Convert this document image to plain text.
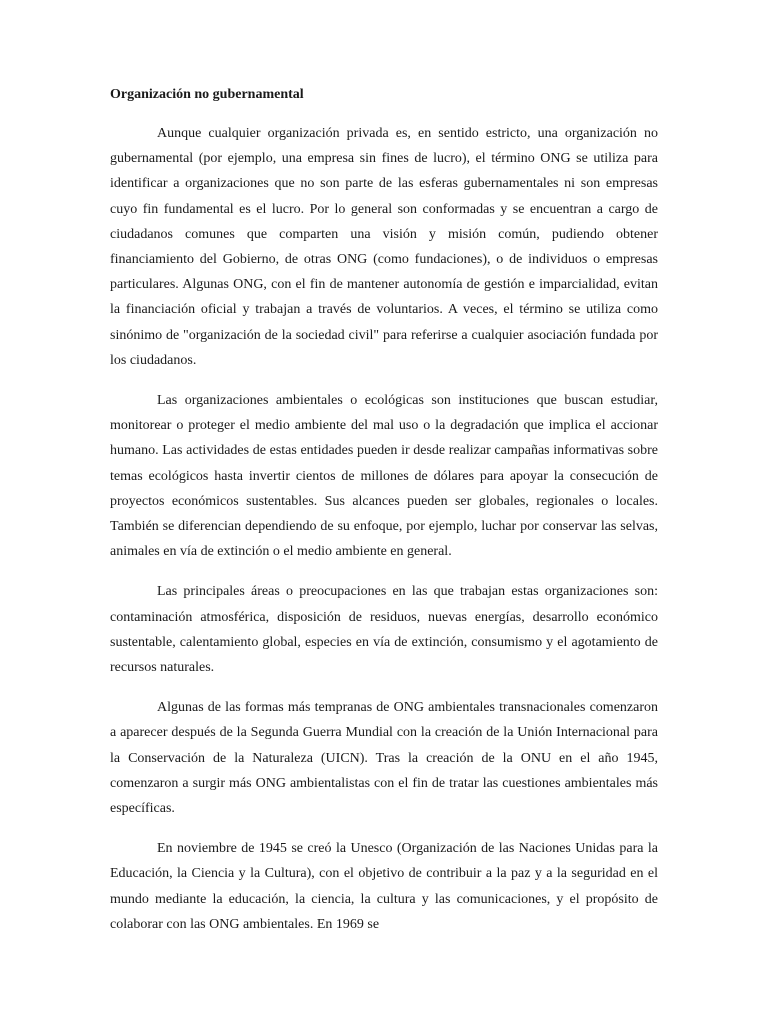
Organización no gubernamental

Aunque cualquier organización privada es, en sentido estricto, una organización no gubernamental (por ejemplo, una empresa sin fines de lucro), el término ONG se utiliza para identificar a organizaciones que no son parte de las esferas gubernamentales ni son empresas cuyo fin fundamental es el lucro. Por lo general son conformadas y se encuentran a cargo de ciudadanos comunes que comparten una visión y misión común, pudiendo obtener financiamiento del Gobierno, de otras ONG (como fundaciones), o de individuos o empresas particulares. Algunas ONG, con el fin de mantener autonomía de gestión e imparcialidad, evitan la financiación oficial y trabajan a través de voluntarios. A veces, el término se utiliza como sinónimo de "organización de la sociedad civil" para referirse a cualquier asociación fundada por los ciudadanos.

Las organizaciones ambientales o ecológicas son instituciones que buscan estudiar, monitorear o proteger el medio ambiente del mal uso o la degradación que implica el accionar humano. Las actividades de estas entidades pueden ir desde realizar campañas informativas sobre temas ecológicos hasta invertir cientos de millones de dólares para apoyar la consecución de proyectos económicos sustentables. Sus alcances pueden ser globales, regionales o locales. También se diferencian dependiendo de su enfoque, por ejemplo, luchar por conservar las selvas, animales en vía de extinción o el medio ambiente en general.

Las principales áreas o preocupaciones en las que trabajan estas organizaciones son: contaminación atmosférica, disposición de residuos, nuevas energías, desarrollo económico sustentable, calentamiento global, especies en vía de extinción, consumismo y el agotamiento de recursos naturales.

Algunas de las formas más tempranas de ONG ambientales transnacionales comenzaron a aparecer después de la Segunda Guerra Mundial con la creación de la Unión Internacional para la Conservación de la Naturaleza (UICN). Tras la creación de la ONU en el año 1945, comenzaron a surgir más ONG ambientalistas con el fin de tratar las cuestiones ambientales más específicas.

En noviembre de 1945 se creó la Unesco (Organización de las Naciones Unidas para la Educación, la Ciencia y la Cultura), con el objetivo de contribuir a la paz y a la seguridad en el mundo mediante la educación, la ciencia, la cultura y las comunicaciones, y el propósito de colaborar con las ONG ambientales. En 1969 se
